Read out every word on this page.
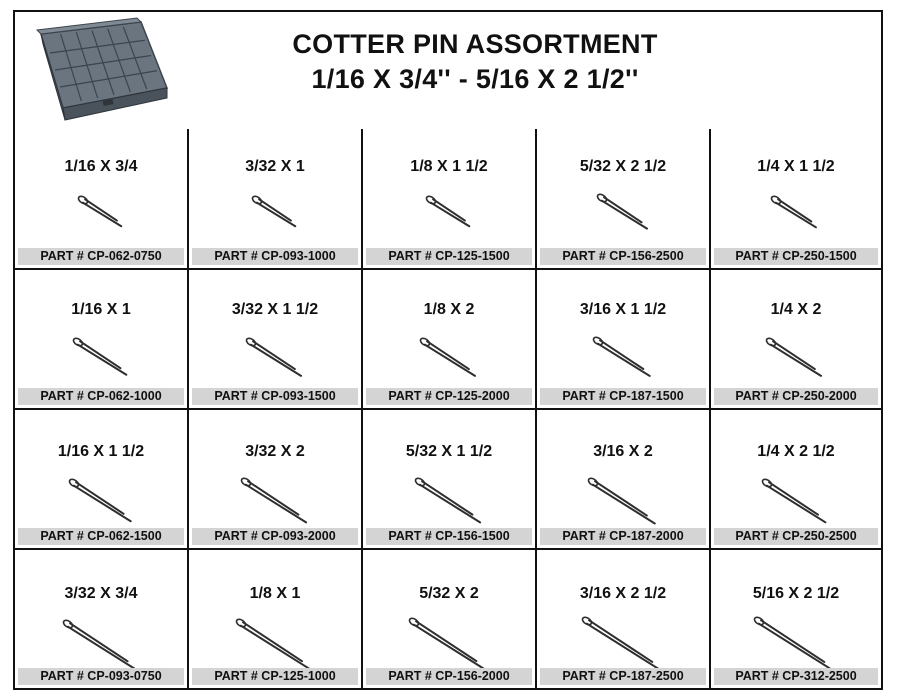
COTTER PIN ASSORTMENT
1/16 X 3/4'' - 5/16 X 2 1/2''
1/16 X 3/4
PART # CP-062-0750
3/32 X 1
PART # CP-093-1000
1/8 X 1 1/2
PART # CP-125-1500
5/32 X 2 1/2
PART # CP-156-2500
1/4 X 1 1/2
PART # CP-250-1500
1/16 X 1
PART # CP-062-1000
3/32 X 1 1/2
PART # CP-093-1500
1/8 X 2
PART # CP-125-2000
3/16 X 1 1/2
PART # CP-187-1500
1/4 X 2
PART # CP-250-2000
1/16 X 1 1/2
PART # CP-062-1500
3/32 X 2
PART # CP-093-2000
5/32 X 1 1/2
PART # CP-156-1500
3/16 X 2
PART # CP-187-2000
1/4 X 2 1/2
PART # CP-250-2500
3/32 X 3/4
PART # CP-093-0750
1/8 X 1
PART # CP-125-1000
5/32 X 2
PART # CP-156-2000
3/16 X 2 1/2
PART # CP-187-2500
5/16 X 2 1/2
PART # CP-312-2500
